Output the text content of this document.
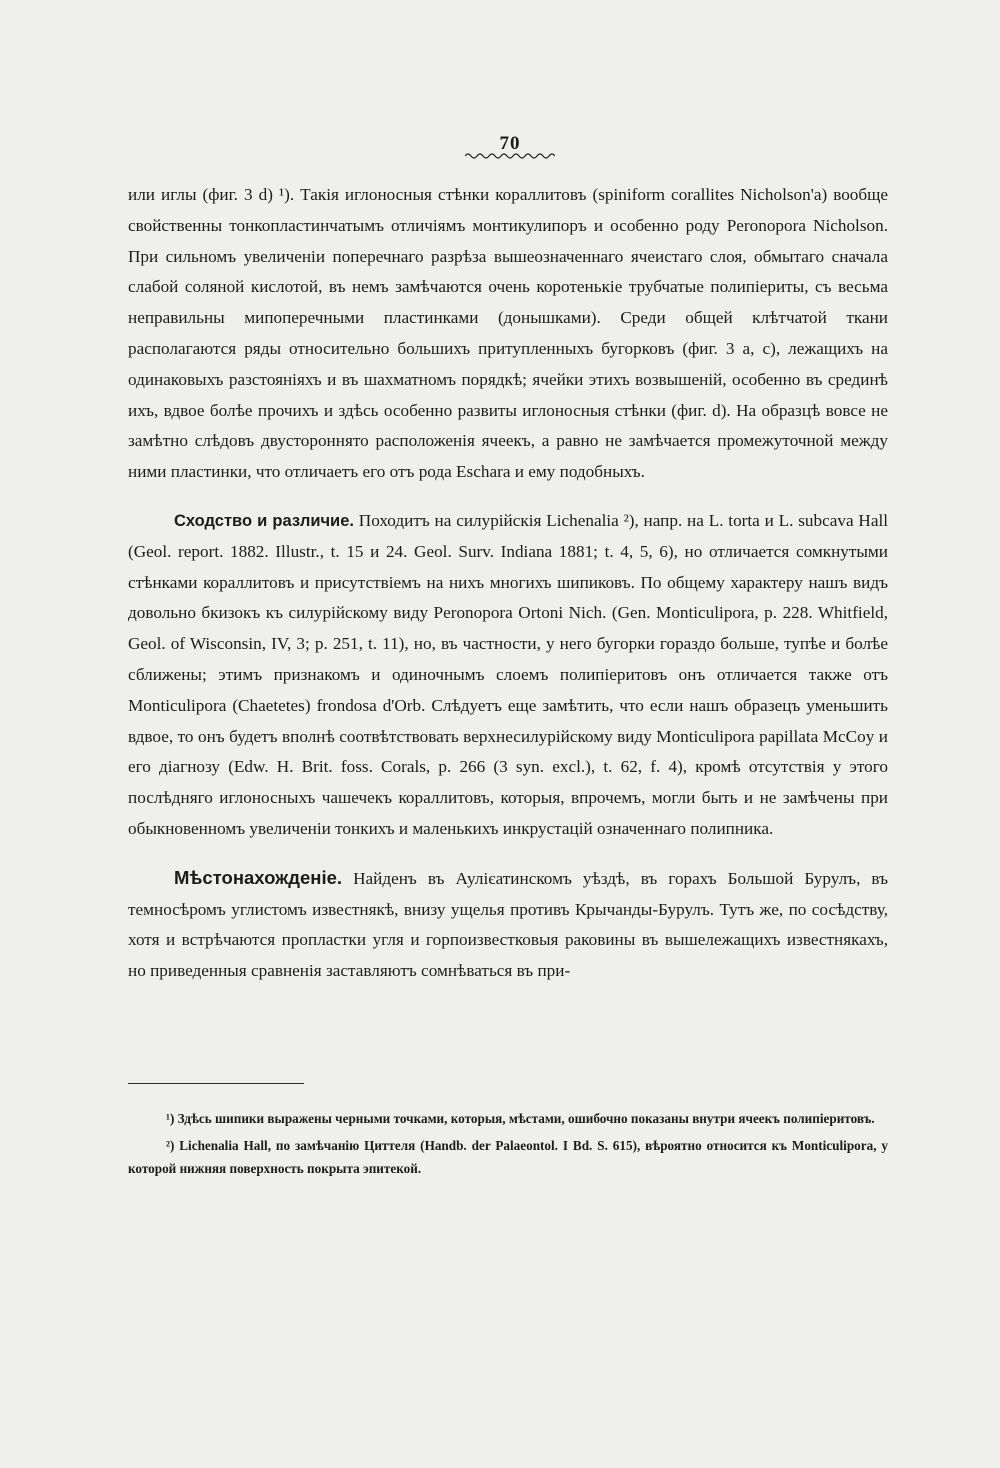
70

или иглы (фиг. 3 d) ¹). Такія иглоносныя стѣнки кораллитовъ (spiniform corallites Nicholson'a) вообще свойственны тонкопластинчатымъ отличіямъ монтикулипоръ и особенно роду Peronopora Nicholson. При сильномъ увеличеніи поперечнаго разрѣза вышеозначеннаго ячеистаго слоя, обмытаго сначала слабой соляной кислотой, въ немъ замѣчаются очень коротенькіе трубчатые полипіериты, съ весьма неправильны мипоперечными пластинками (донышками). Среди общей клѣтчатой ткани располагаются ряды относительно большихъ притупленныхъ бугорковъ (фиг. 3 a, c), лежащихъ на одинаковыхъ разстояніяхъ и въ шахматномъ порядкѣ; ячейки этихъ возвышеній, особенно въ срединѣ ихъ, вдвое болѣе прочихъ и здѣсь особенно развиты иглоносныя стѣнки (фиг. d). На образцѣ вовсе не замѣтно слѣдовъ двустороннято расположенія ячеекъ, а равно не замѣчается промежуточной между ними пластинки, что отличаетъ его отъ рода Eschara и ему подобныхъ.

Сходство и различие. Походитъ на силурійскія Lichenalia ²), напр. на L. torta и L. subcava Hall (Geol. report. 1882. Illustr., t. 15 и 24. Geol. Surv. Indiana 1881; t. 4, 5, 6), но отличается сомкнутыми стѣнками кораллитовъ и присутствіемъ на нихъ многихъ шипиковъ. По общему характеру нашъ видъ довольно бкизокъ къ силурійскому виду Peronopora Ortoni Nich. (Gen. Monticulipora, p. 228. Whitfield, Geol. of Wisconsin, IV, 3; p. 251, t. 11), но, въ частности, у него бугорки гораздо больше, тупѣе и болѣе сближены; этимъ признакомъ и одиночнымъ слоемъ полипіеритовъ онъ отличается также отъ Monticulipora (Chaetetes) frondosa d'Orb. Слѣдуетъ еще замѣтить, что если нашъ образецъ уменьшить вдвое, то онъ будетъ вполнѣ соотвѣтствовать верхнесилурійскому виду Monticulipora papillata McCoy и его діагнозу (Edw. H. Brit. foss. Corals, p. 266 (3 syn. excl.), t. 62, f. 4), кромѣ отсутствія у этого послѣдняго иглоносныхъ чашечекъ кораллитовъ, которыя, впрочемъ, могли быть и не замѣчены при обыкновенномъ увеличеніи тонкихъ и маленькихъ инкрустацій означеннаго полипника.

Мѣстонахожденіе. Найденъ въ Аулієатинскомъ уѣздѣ, въ горахъ Большой Бурулъ, въ темносѣромъ углистомъ известнякѣ, внизу ущелья противъ Крычанды-Бурулъ. Тутъ же, по сосѣдству, хотя и встрѣчаются пропластки угля и горпоизвестковыя раковины въ вышележащихъ известнякахъ, но приведенныя сравненія заставляютъ сомнѣваться въ при-

¹) Здѣсь шипики выражены черными точками, которыя, мѣстами, ошибочно показаны внутри ячеекъ полипіеритовъ.

²) Lichenalia Hall, по замѣчанію Циттеля (Handb. der Palaeontol. I Bd. S. 615), вѣроятно относится къ Monticulipora, у которой нижняя поверхность покрыта эпитекой.
